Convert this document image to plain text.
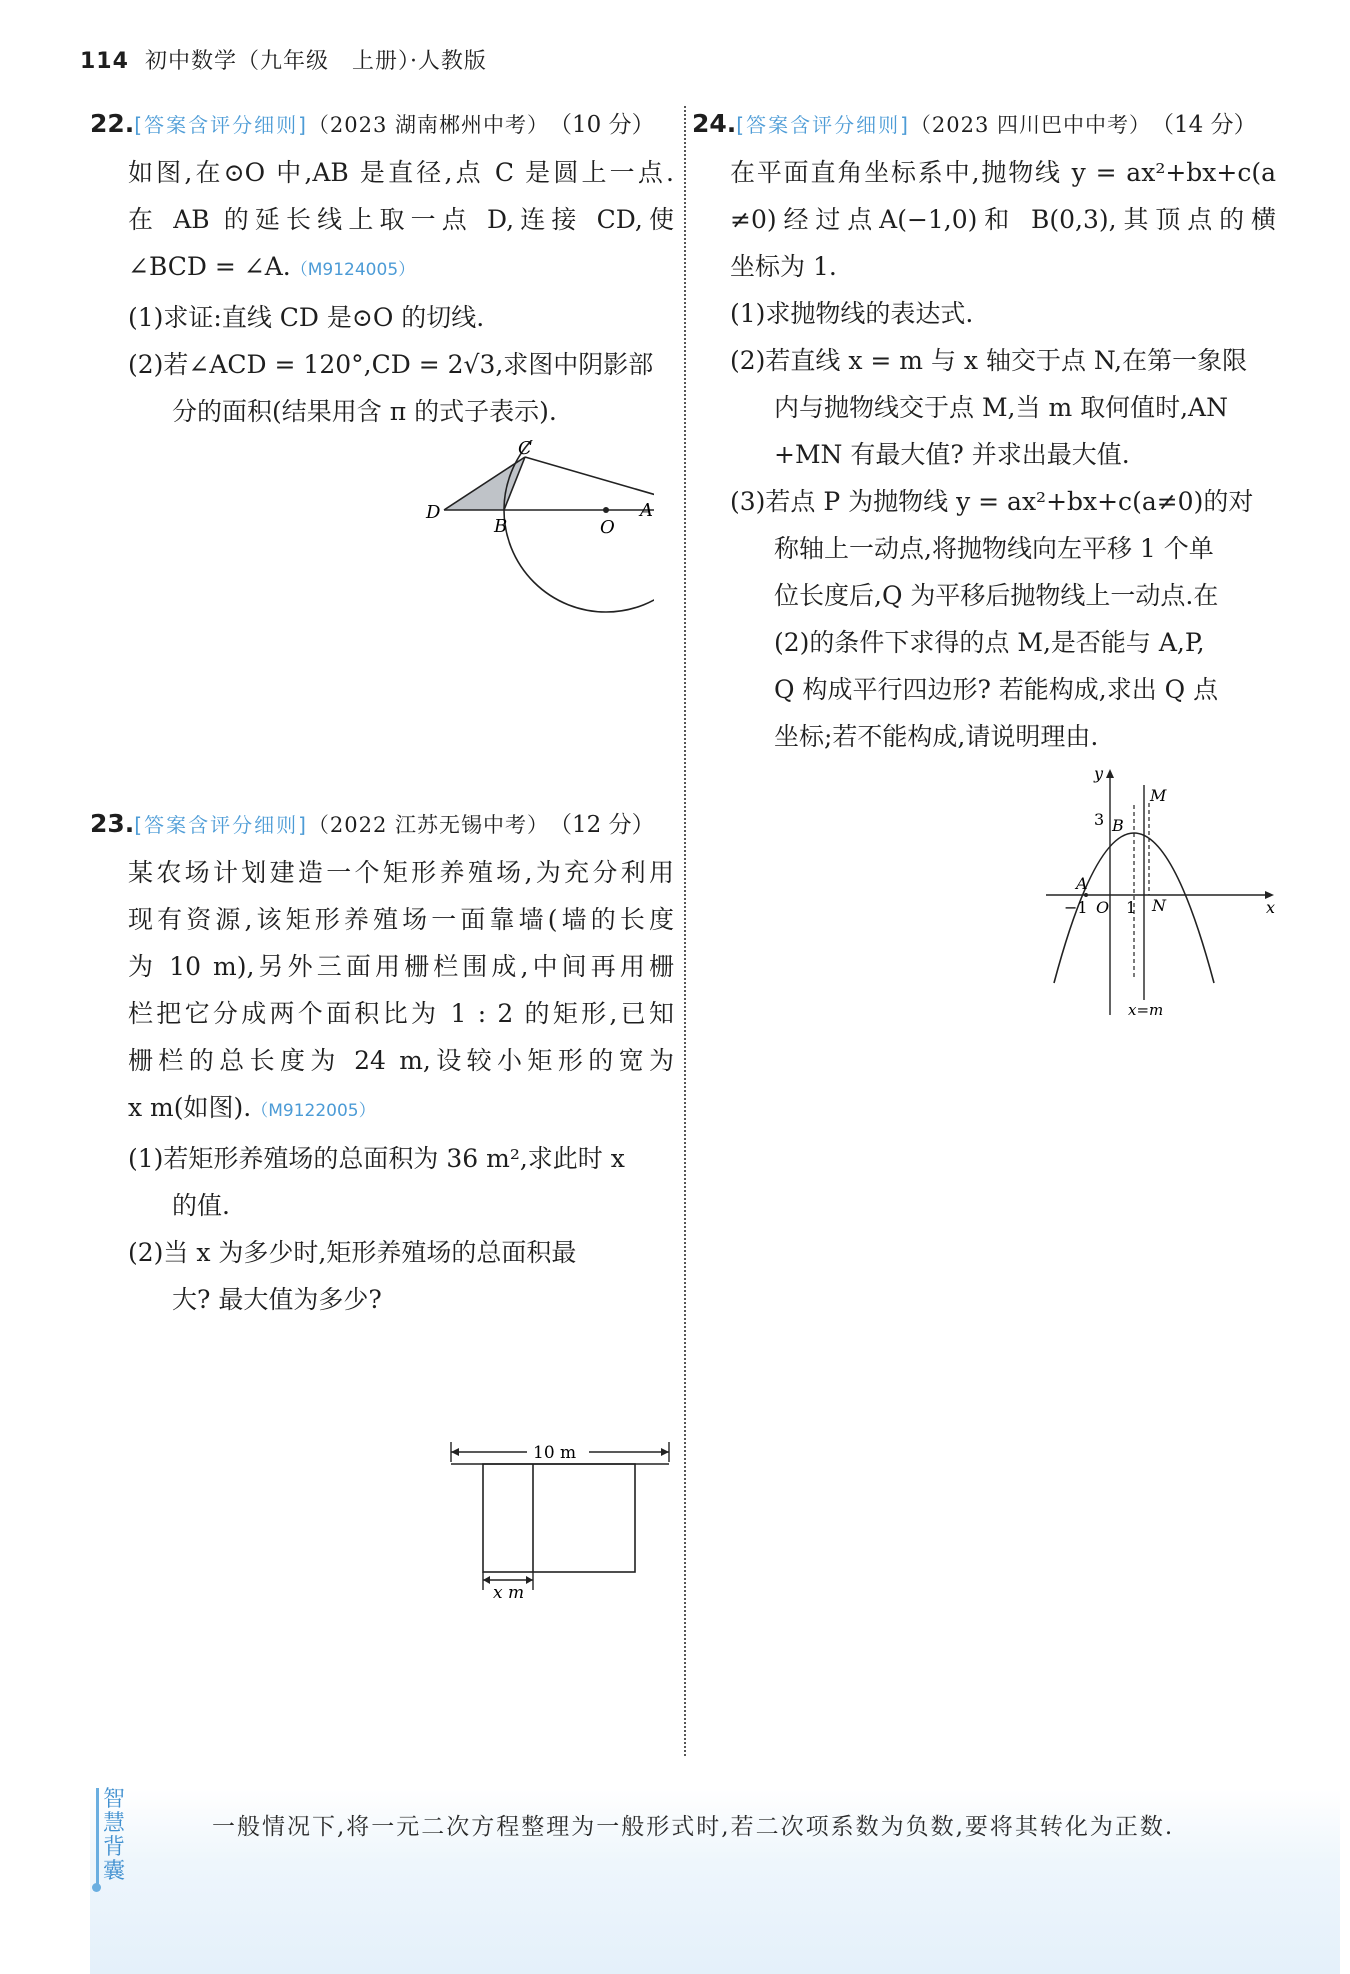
114 初中数学（九年级　上册）·人教版
22. [答案含评分细则] （2023 湖南郴州中考） （10 分）
如图,在⊙O 中,AB 是直径,点 C 是圆上一点.
在 AB 的延长线上取一点 D,连接 CD,使
∠BCD = ∠A.（M9124005）
(1)求证:直线 CD 是⊙O 的切线.
(2)若∠ACD = 120°,CD = 2√3,求图中阴影部
分的面积(结果用含 π 的式子表示).
C
D
B	O
A
23. [答案含评分细则] （2022 江苏无锡中考） （12 分）
某农场计划建造一个矩形养殖场,为充分利用
现有资源,该矩形养殖场一面靠墙(墙的长度
为 10 m),另外三面用栅栏围成,中间再用栅
栏把它分成两个面积比为 1 : 2 的矩形,已知
栅栏的总长度为 24 m,设较小矩形的宽为
x m(如图).（M9122005）
(1)若矩形养殖场的总面积为 36 m²,求此时 x
的值.
(2)当 x 为多少时,矩形养殖场的总面积最
大? 最大值为多少?
10 m
x m
24. [答案含评分细则] （2023 四川巴中中考） （14 分）
在平面直角坐标系中,抛物线 y = ax²+bx+c(a
≠0)经过点A(−1,0)和 B(0,3),其顶点的横
坐标为 1.
(1)求抛物线的表达式.
(2)若直线 x = m 与 x 轴交于点 N,在第一象限
内与抛物线交于点 M,当 m 取何值时,AN
+MN 有最大值? 并求出最大值.
(3)若点 P 为抛物线 y = ax²+bx+c(a≠0)的对
称轴上一动点,将抛物线向左平移 1 个单
位长度后,Q 为平移后抛物线上一动点.在
(2)的条件下求得的点 M,是否能与 A,P,
Q 构成平行四边形? 若能构成,求出 Q 点
坐标;若不能构成,请说明理由.
y
x
3 B
M
A
−1 O 1 N
x=m
智
慧
背
囊
一般情况下,将一元二次方程整理为一般形式时,若二次项系数为负数,要将其转化为正数.
